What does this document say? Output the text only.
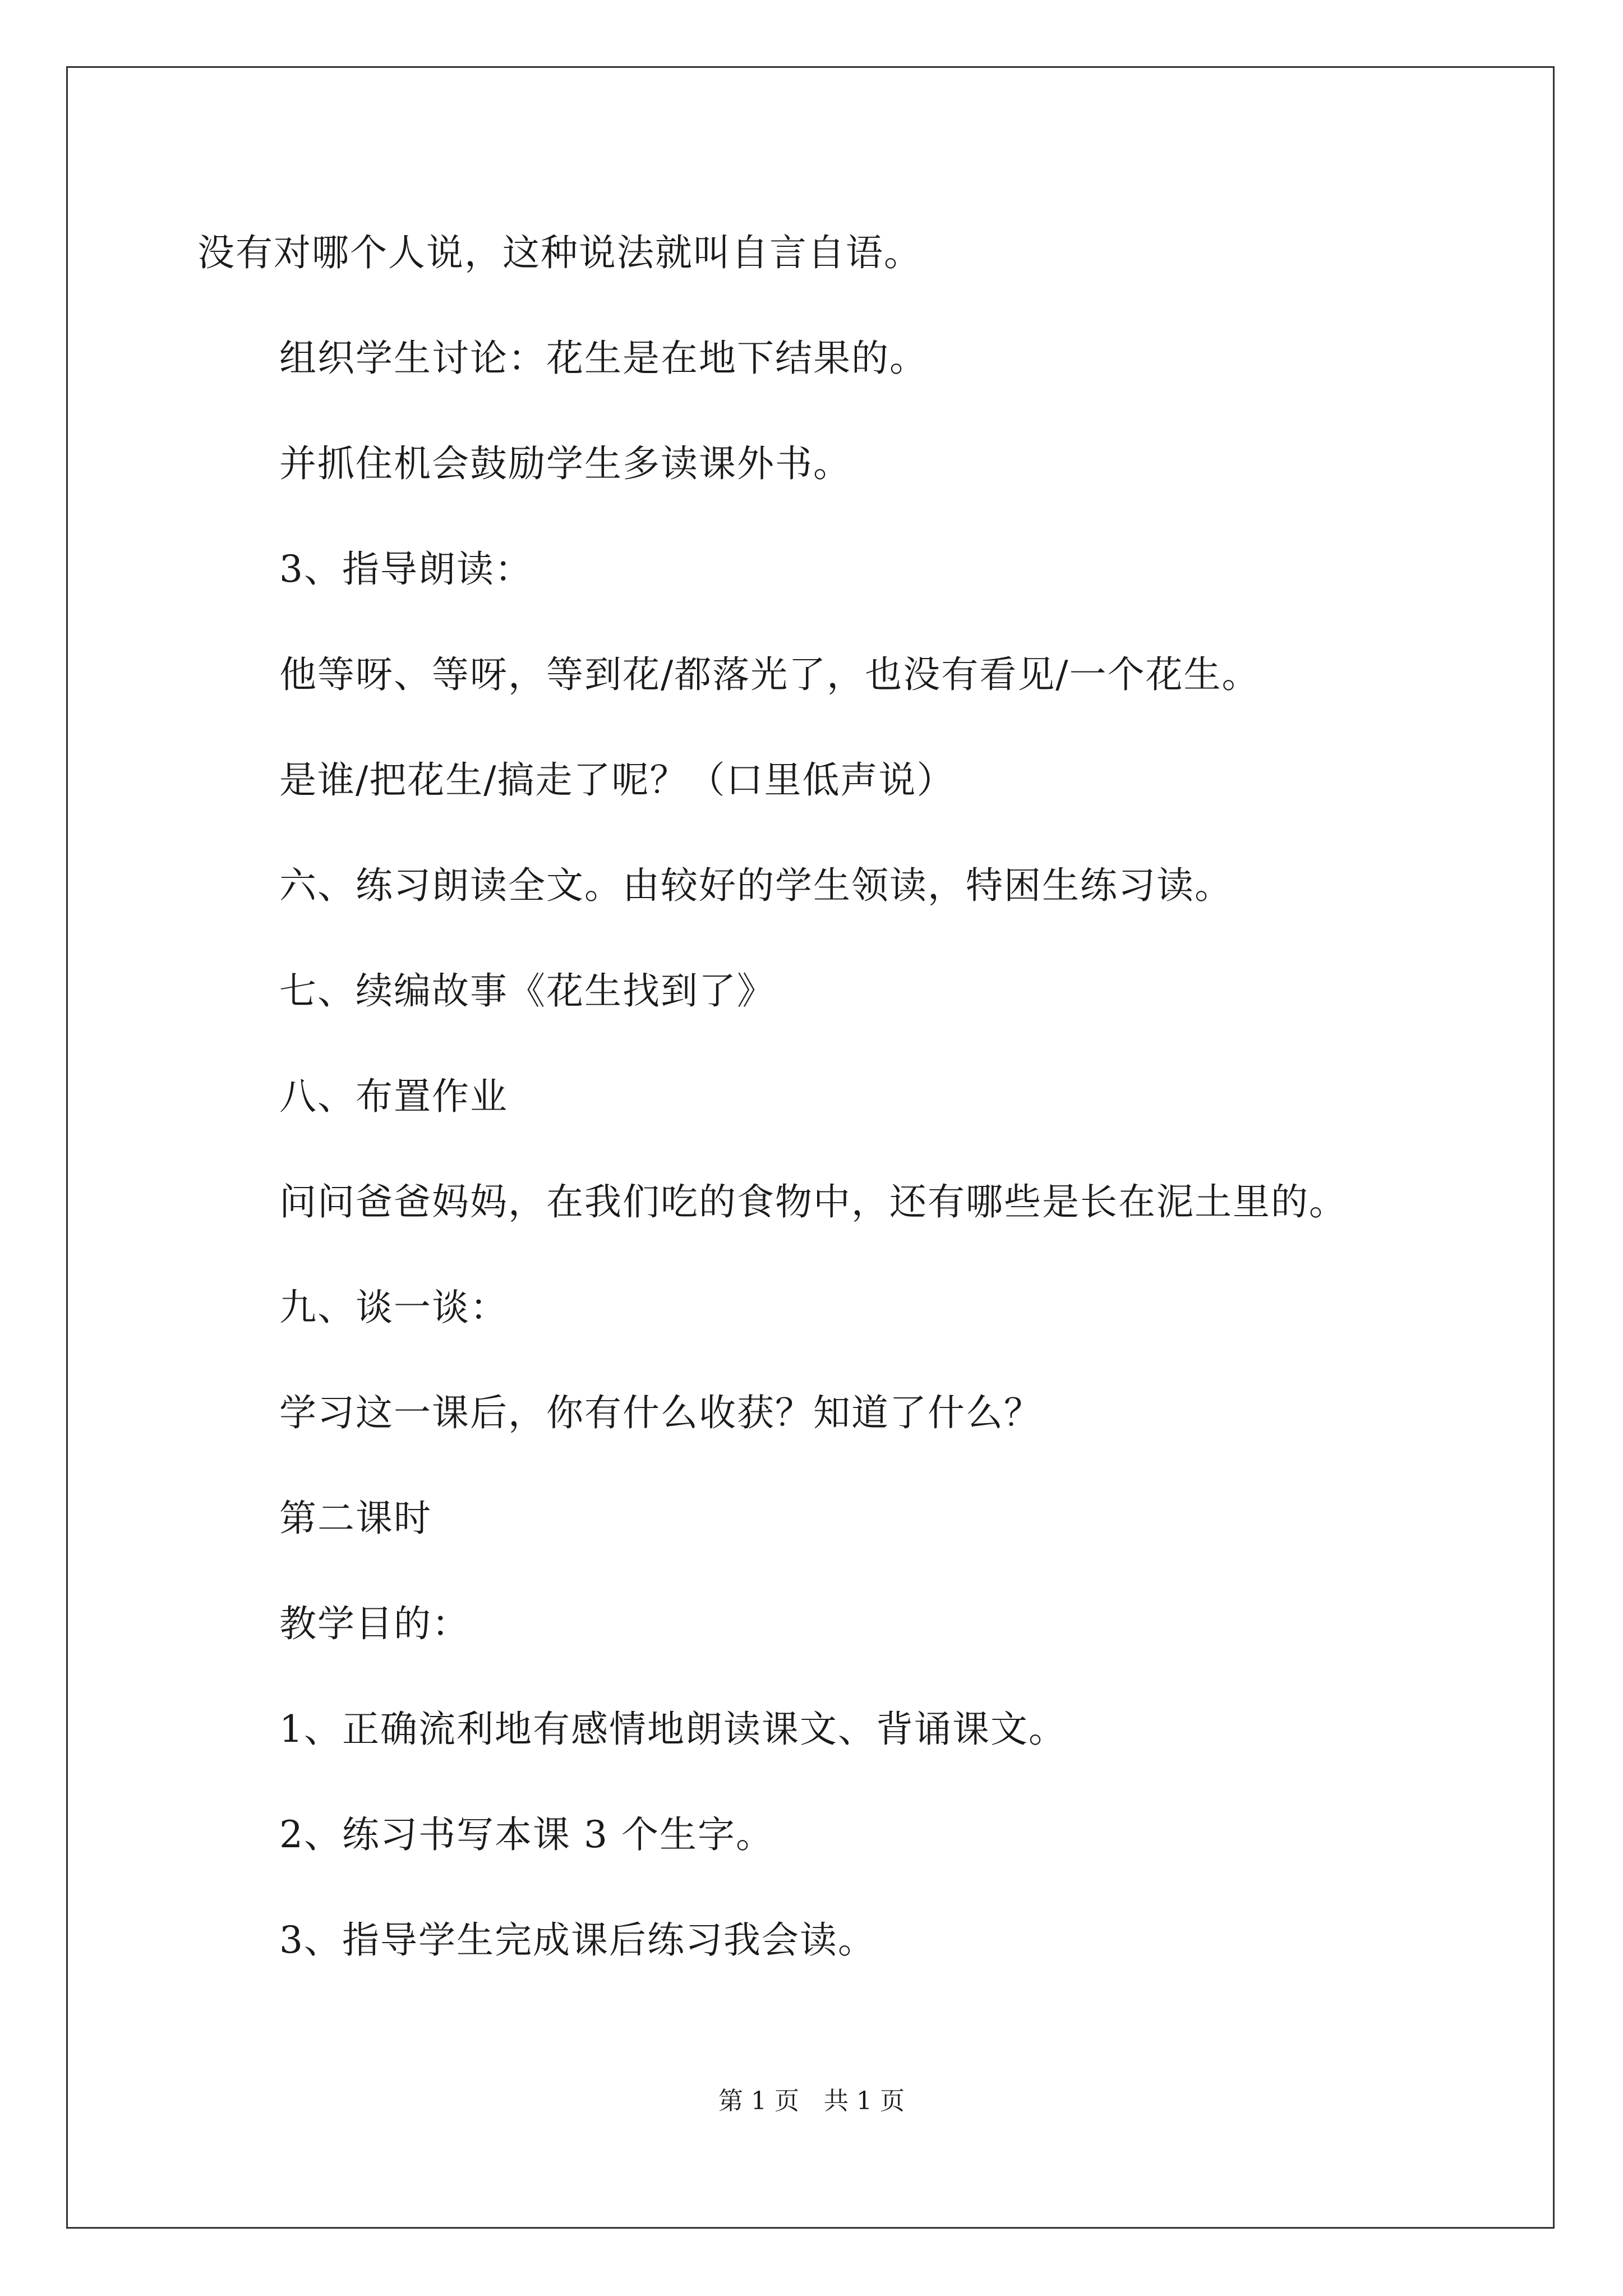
没有对哪个人说，这种说法就叫自言自语。
组织学生讨论：花生是在地下结果的。
并抓住机会鼓励学生多读课外书。
3、指导朗读：
他等呀、等呀，等到花/都落光了，也没有看见/一个花生。
是谁/把花生/搞走了呢？（口里低声说）
六、练习朗读全文。由较好的学生领读，特困生练习读。
七、续编故事《花生找到了》
八、布置作业
问问爸爸妈妈，在我们吃的食物中，还有哪些是长在泥土里的。
九、谈一谈：
学习这一课后，你有什么收获？知道了什么？
第二课时
教学目的：
1、正确流利地有感情地朗读课文、背诵课文。
2、练习书写本课 3 个生字。
3、指导学生完成课后练习我会读。
第 1 页　共 1 页
